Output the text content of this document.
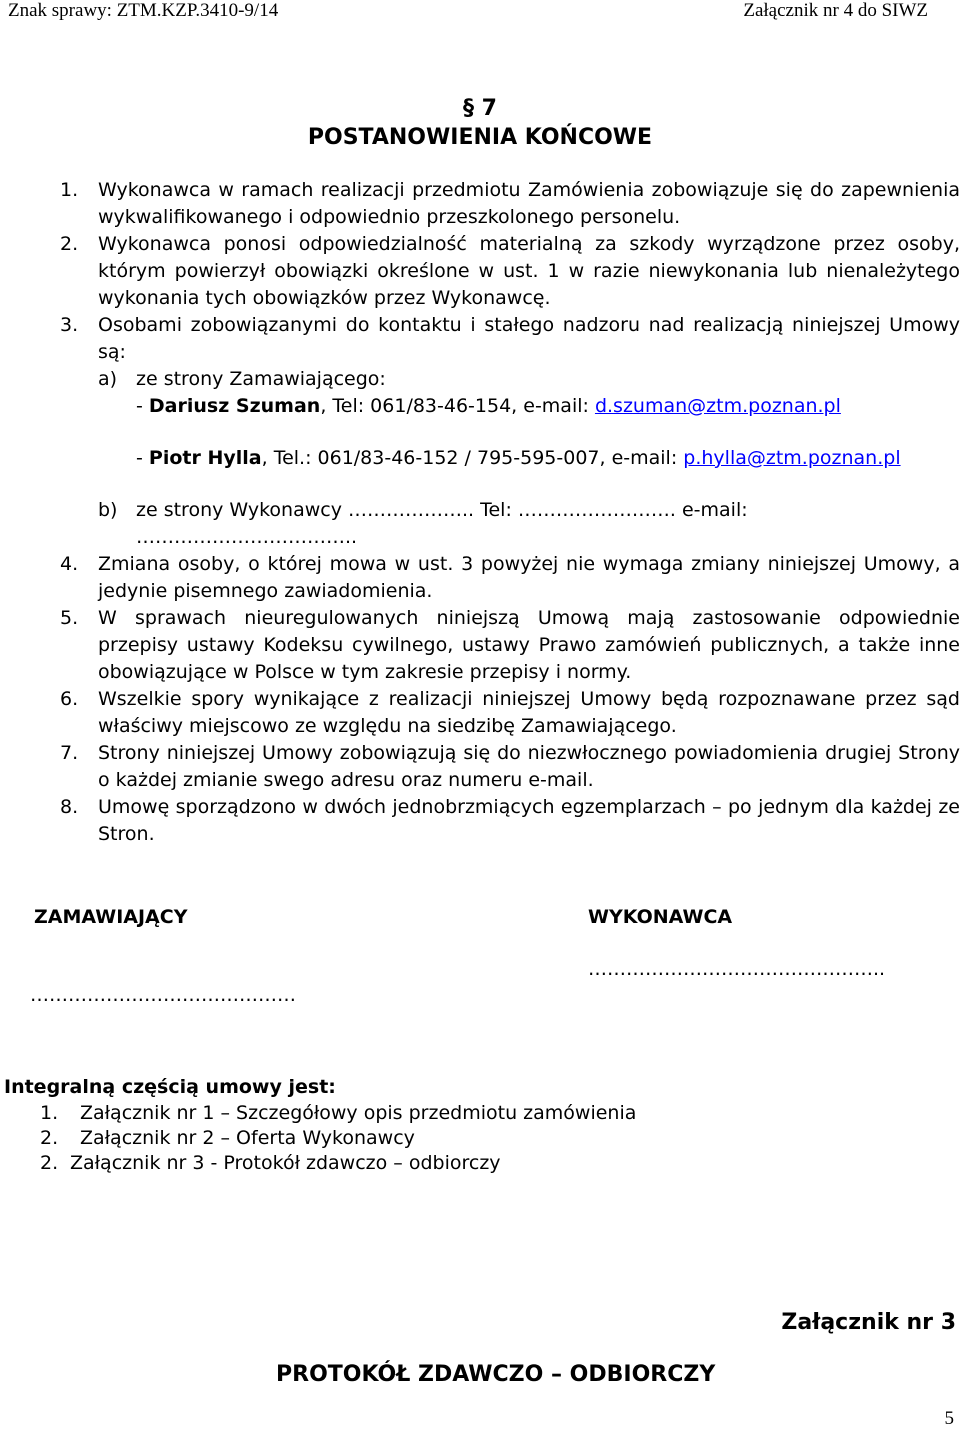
Znak sprawy: ZTM.KZP.3410-9/14	Załącznik nr 4 do SIWZ
§ 7
POSTANOWIENIA KOŃCOWE
1. Wykonawca w ramach realizacji przedmiotu Zamówienia zobowiązuje się do zapewnienia wykwalifikowanego i odpowiednio przeszkolonego personelu.

2. Wykonawca ponosi odpowiedzialność materialną za szkody wyrządzone przez osoby, którym powierzył obowiązki określone w ust. 1 w razie niewykonania lub nienależytego wykonania tych obowiązków przez Wykonawcę.

3. Osobami zobowiązanymi do kontaktu i stałego nadzoru nad realizacją niniejszej Umowy są:

a) ze strony Zamawiającego:
- Dariusz Szuman, Tel: 061/83-46-154, e-mail: d.szuman@ztm.poznan.pl
- Piotr Hylla, Tel.: 061/83-46-152 / 795-595-007, e-mail: p.hylla@ztm.poznan.pl
b) ze strony Wykonawcy ……………….. Tel: ……………………. e-mail:
……………………………..
4. Zmiana osoby, o której mowa w ust. 3 powyżej nie wymaga zmiany niniejszej Umowy, a jedynie pisemnego zawiadomienia.

5. W sprawach nieuregulowanych niniejszą Umową mają zastosowanie odpowiednie przepisy ustawy Kodeksu cywilnego, ustawy Prawo zamówień publicznych, a także inne obowiązujące w Polsce w tym zakresie przepisy i normy.

6. Wszelkie spory wynikające z realizacji niniejszej Umowy będą rozpoznawane przez sąd właściwy miejscowo ze względu na siedzibę Zamawiającego.

7. Strony niniejszej Umowy zobowiązują się do niezwłocznego powiadomienia drugiej Strony o każdej zmianie swego adresu oraz numeru e-mail.

8. Umowę sporządzono w dwóch jednobrzmiących egzemplarzach – po jednym dla każdej ze Stron.

ZAMAWIAJĄCY	WYKONAWCA
………………………………………..
……………………………………
Integralną częścią umowy jest:
1. Załącznik nr 1 – Szczegółowy opis przedmiotu zamówienia
2. Załącznik nr 2 – Oferta Wykonawcy
2. Załącznik nr 3 - Protokół zdawczo – odbiorczy
Załącznik nr 3
PROTOKÓŁ ZDAWCZO – ODBIORCZY
5
